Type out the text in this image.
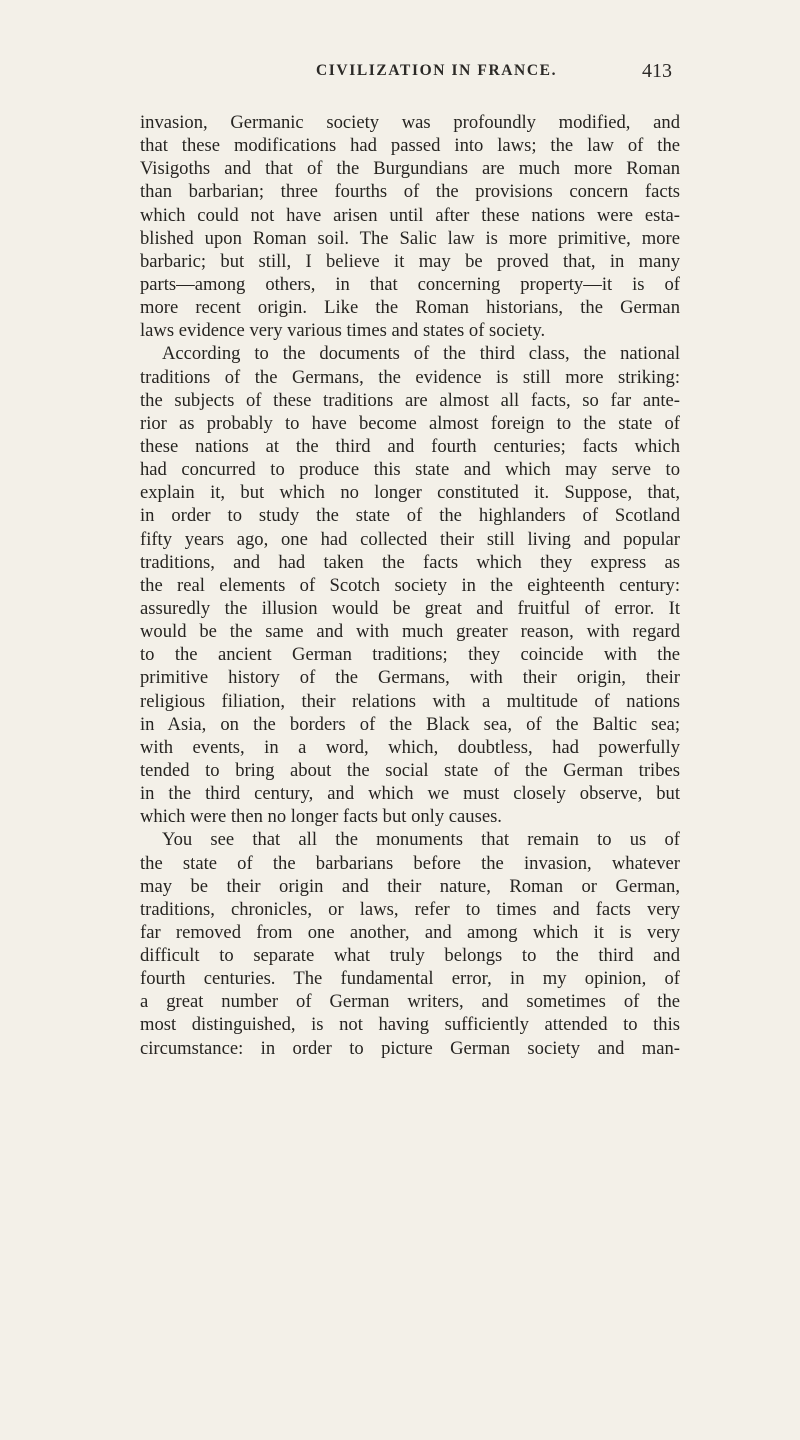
CIVILIZATION IN FRANCE.	413
invasion, Germanic society was profoundly modified, and
that these modifications had passed into laws; the law of the
Visigoths and that of the Burgundians are much more Roman
than barbarian; three fourths of the provisions concern facts
which could not have arisen until after these nations were esta-
blished upon Roman soil. The Salic law is more primitive, more
barbaric; but still, I believe it may be proved that, in many
parts—among others, in that concerning property—it is of
more recent origin. Like the Roman historians, the German
laws evidence very various times and states of society.
According to the documents of the third class, the national
traditions of the Germans, the evidence is still more striking:
the subjects of these traditions are almost all facts, so far ante-
rior as probably to have become almost foreign to the state of
these nations at the third and fourth centuries; facts which
had concurred to produce this state and which may serve to
explain it, but which no longer constituted it. Suppose, that,
in order to study the state of the highlanders of Scotland
fifty years ago, one had collected their still living and popular
traditions, and had taken the facts which they express as
the real elements of Scotch society in the eighteenth century:
assuredly the illusion would be great and fruitful of error. It
would be the same and with much greater reason, with regard
to the ancient German traditions; they coincide with the
primitive history of the Germans, with their origin, their
religious filiation, their relations with a multitude of nations
in Asia, on the borders of the Black sea, of the Baltic sea;
with events, in a word, which, doubtless, had powerfully
tended to bring about the social state of the German tribes
in the third century, and which we must closely observe, but
which were then no longer facts but only causes.
You see that all the monuments that remain to us of
the state of the barbarians before the invasion, whatever
may be their origin and their nature, Roman or German,
traditions, chronicles, or laws, refer to times and facts very
far removed from one another, and among which it is very
difficult to separate what truly belongs to the third and
fourth centuries. The fundamental error, in my opinion, of
a great number of German writers, and sometimes of the
most distinguished, is not having sufficiently attended to this
circumstance: in order to picture German society and man-
